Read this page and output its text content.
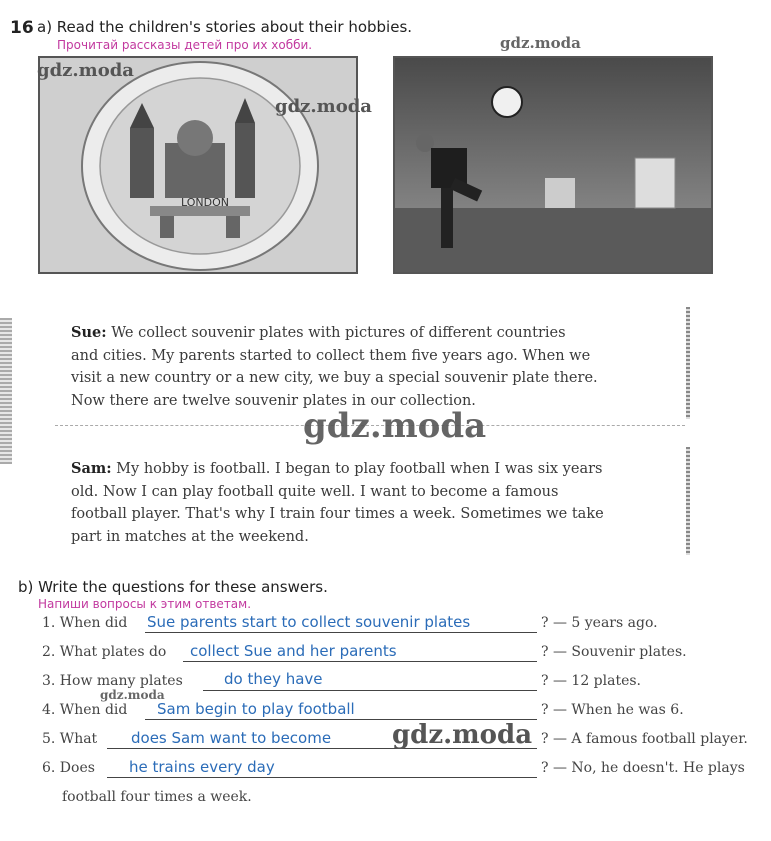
16 a) Read the children's stories about their hobbies.
Прочитай рассказы детей про их хобби.
LONDON
Sue: We collect souvenir plates with pictures of different countries
and cities. My parents started to collect them five years ago. When we
visit a new country or a new city, we buy a special souvenir plate there.
Now there are twelve souvenir plates in our collection.
Sam: My hobby is football. I began to play football when I was six years
old. Now I can play football quite well. I want to become a famous
football player. That's why I train four times a week. Sometimes we take
part in matches at the weekend.
b) Write the questions for these answers.
Напиши вопросы к этим ответам.
1. When did Sue parents start to collect souvenir plates	? — 5 years ago.
2. What plates do collect Sue and her parents	? — Souvenir plates.
3. How many plates	do they have	? — 12 plates.
4. When did Sam begin to play football	? — When he was 6.
5. What does Sam want to become	? — A famous football player.
6. Does he trains every day	? — No, he doesn't. He plays
football four times a week.
gdz.moda
gdz.moda
gdz.moda
gdz.moda
gdz.moda
gdz.moda
